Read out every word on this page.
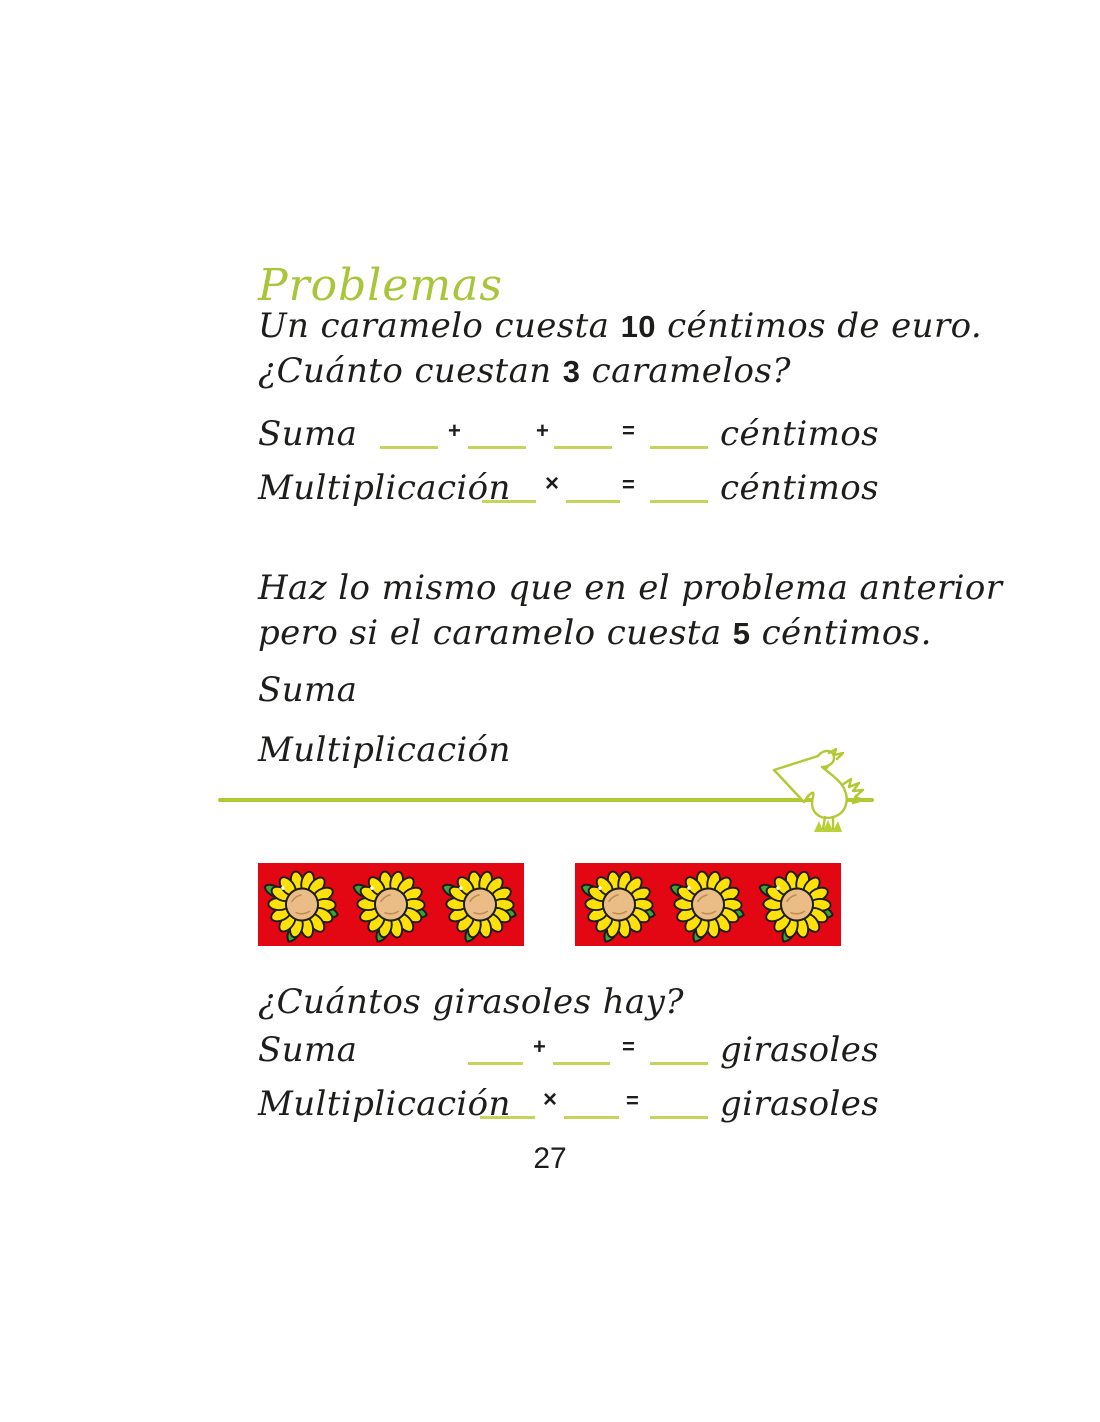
Problemas
Un caramelo cuesta 10 céntimos de euro.
¿Cuánto cuestan 3 caramelos?
Suma	+	+	=	céntimos
Multiplicación ×	=	céntimos
Haz lo mismo que en el problema anterior
pero si el caramelo cuesta 5 céntimos.
Suma
Multiplicación
¿Cuántos girasoles hay?
Suma	+	=	girasoles
Multiplicación ×	= girasoles
27
